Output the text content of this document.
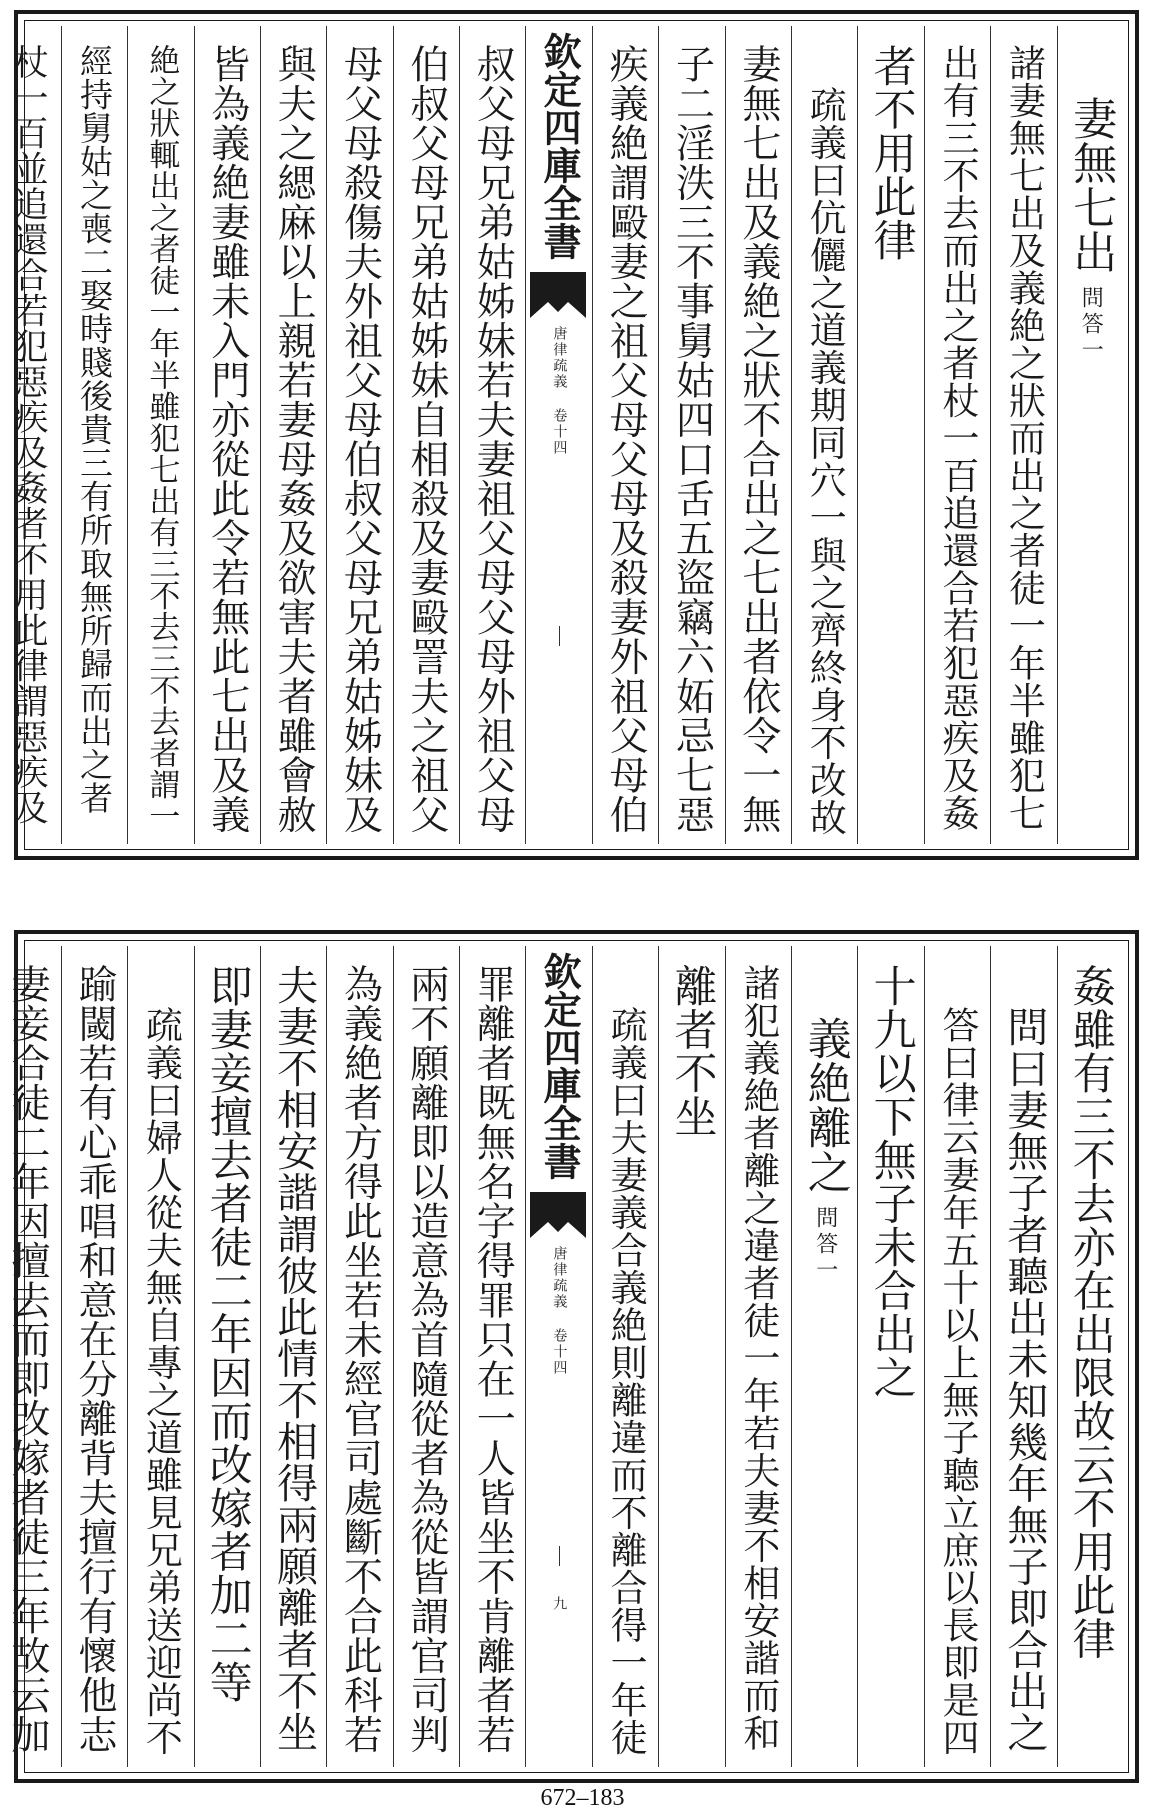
妻無七出問答一
諸妻無七出及義絶之狀而出之者徒一年半雖犯七
出有三不去而出之者杖一百追還合若犯惡疾及姦
者不用此律
疏義曰伉儷之道義期同穴一與之齊終身不改故
妻無七出及義絶之狀不合出之七出者依令一無
子二淫泆三不事舅姑四口舌五盜竊六妬忌七惡
疾義絶謂毆妻之祖父母父母及殺妻外祖父母伯
欽定四庫全書
唐律疏義 卷十四
叔父母兄弟姑姊妹若夫妻祖父母父母外祖父母
伯叔父母兄弟姑姊妹自相殺及妻毆詈夫之祖父
母父母殺傷夫外祖父母伯叔父母兄弟姑姊妹及
與夫之緦麻以上親若妻母姦及欲害夫者雖會赦
皆為義絶妻雖未入門亦從此令若無此七出及義
絶之狀輒出之者徒一年半雖犯七出有三不去三不去者謂一
經持舅姑之喪二娶時賤後貴三有所取無所歸而出之者
杖一百並追還合若犯惡疾及姦者不用此律謂惡疾及
姦雖有三不去亦在出限故云不用此律
問曰妻無子者聽出未知幾年無子即合出之
答曰律云妻年五十以上無子聽立庶以長即是四
十九以下無子未合出之
義絶離之問答一
諸犯義絶者離之違者徒一年若夫妻不相安諧而和
離者不坐
疏義曰夫妻義合義絶則離違而不離合得一年徒
欽定四庫全書
唐律疏義 卷十四
九
罪離者既無名字得罪只在一人皆坐不肯離者若
兩不願離即以造意為首隨從者為從皆謂官司判
為義絶者方得此坐若未經官司處斷不合此科若
夫妻不相安諧謂彼此情不相得兩願離者不坐
即妻妾擅去者徒二年因而改嫁者加二等
疏義曰婦人從夫無自專之道雖見兄弟送迎尚不
踰閾若有心乖唱和意在分離背夫擅行有懷他志
妻妾合徒二年因擅去而即改嫁者徒三年故云加
672–183
